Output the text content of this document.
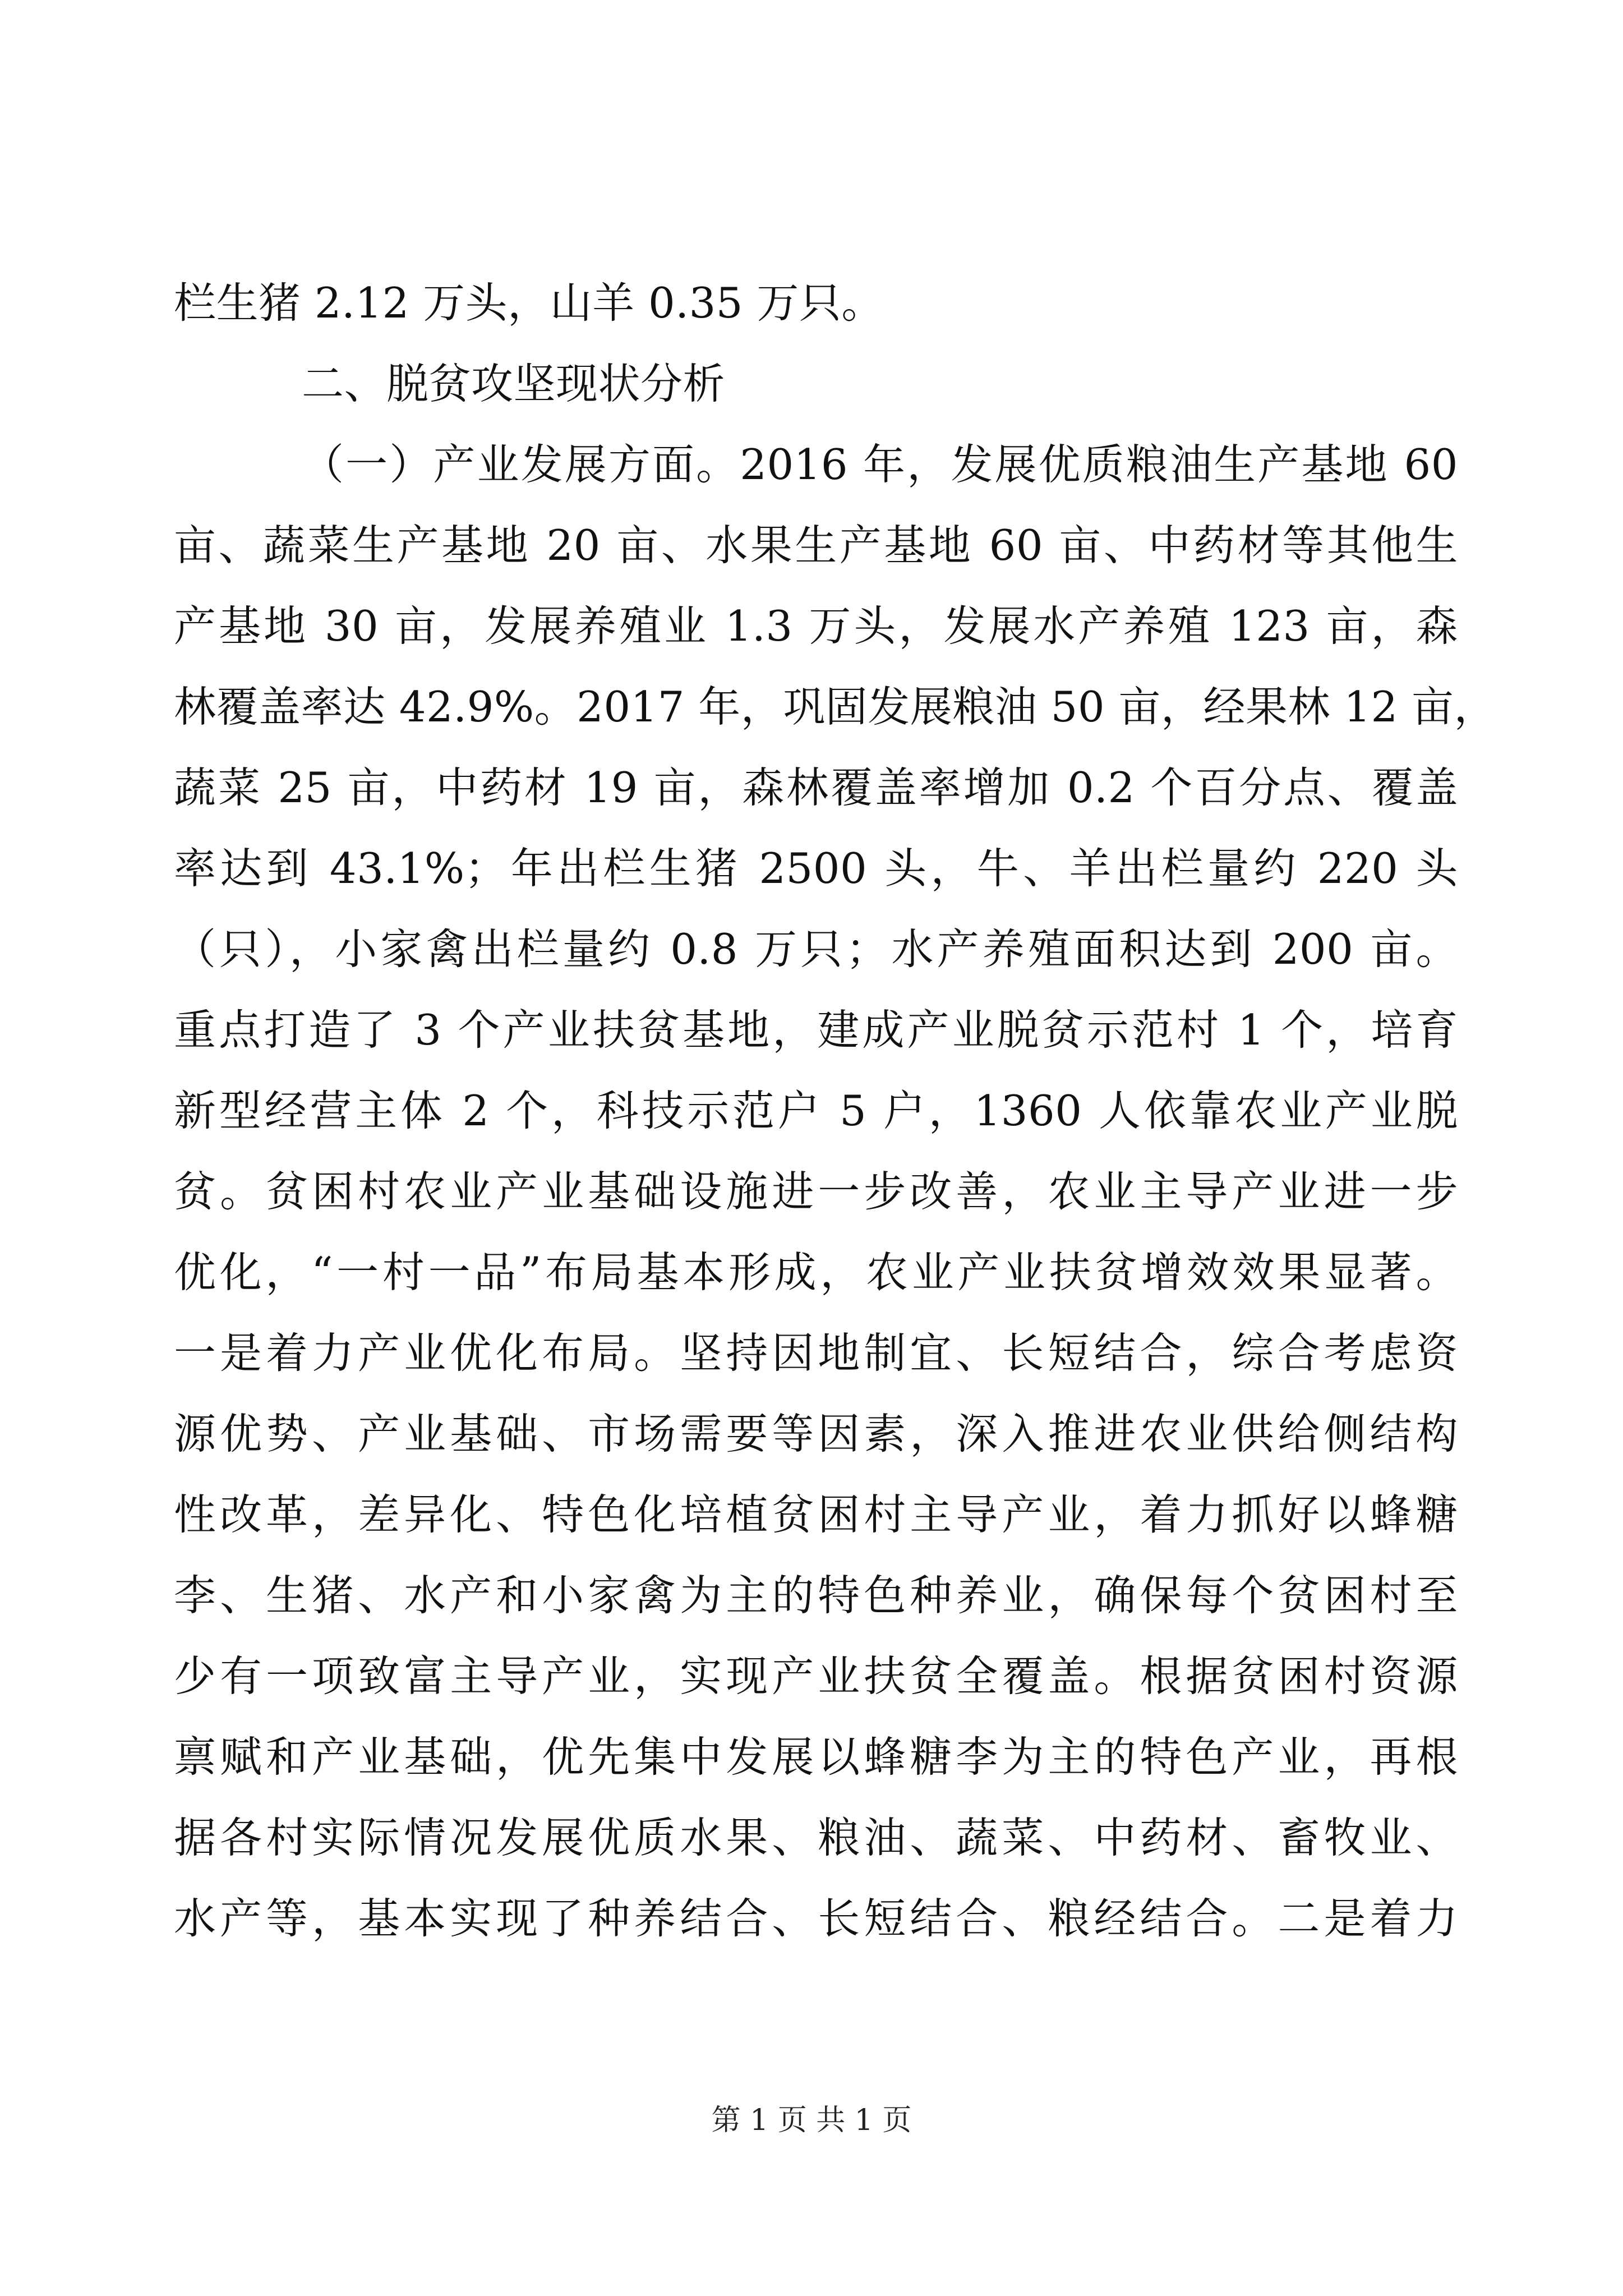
栏生猪 2.12 万头，山羊 0.35 万只。
二、脱贫攻坚现状分析
（一）产业发展方面。2016 年，发展优质粮油生产基地 60
亩、蔬菜生产基地 20 亩、水果生产基地 60 亩、中药材等其他生
产基地 30 亩，发展养殖业 1.3 万头，发展水产养殖 123 亩，森
林覆盖率达 42.9%。2017 年，巩固发展粮油 50 亩，经果林 12 亩，
蔬菜 25 亩，中药材 19 亩，森林覆盖率增加 0.2 个百分点、覆盖
率达到 43.1%；年出栏生猪 2500 头，牛、羊出栏量约 220 头
（只），小家禽出栏量约 0.8 万只；水产养殖面积达到 200 亩。
重点打造了 3 个产业扶贫基地，建成产业脱贫示范村 1 个，培育
新型经营主体 2 个，科技示范户 5 户，1360 人依靠农业产业脱
贫。贫困村农业产业基础设施进一步改善，农业主导产业进一步
优化，“一村一品”布局基本形成，农业产业扶贫增效效果显著。
一是着力产业优化布局。坚持因地制宜、长短结合，综合考虑资
源优势、产业基础、市场需要等因素，深入推进农业供给侧结构
性改革，差异化、特色化培植贫困村主导产业，着力抓好以蜂糖
李、生猪、水产和小家禽为主的特色种养业，确保每个贫困村至
少有一项致富主导产业，实现产业扶贫全覆盖。根据贫困村资源
禀赋和产业基础，优先集中发展以蜂糖李为主的特色产业，再根
据各村实际情况发展优质水果、粮油、蔬菜、中药材、畜牧业、
水产等，基本实现了种养结合、长短结合、粮经结合。二是着力
第 1 页 共 1 页
